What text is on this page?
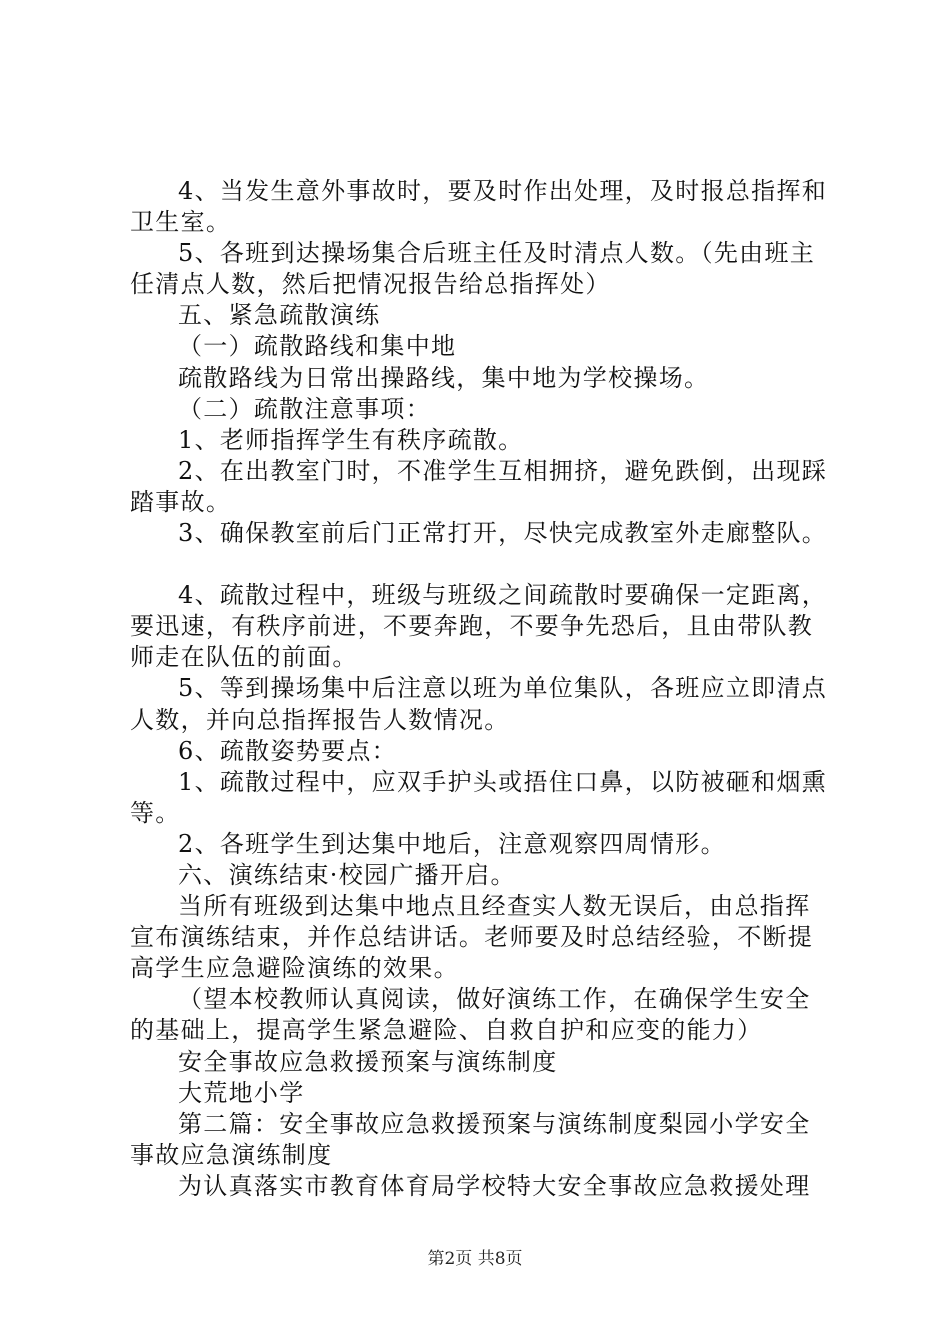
4、当发生意外事故时，要及时作出处理，及时报总指挥和
卫生室。
5、各班到达操场集合后班主任及时清点人数。（先由班主
任清点人数，然后把情况报告给总指挥处）
五、紧急疏散演练
（一）疏散路线和集中地
疏散路线为日常出操路线，集中地为学校操场。
（二）疏散注意事项：
1、老师指挥学生有秩序疏散。
2、在出教室门时，不准学生互相拥挤，避免跌倒，出现踩
踏事故。
3、确保教室前后门正常打开，尽快完成教室外走廊整队。
4、疏散过程中，班级与班级之间疏散时要确保一定距离，
要迅速，有秩序前进，不要奔跑，不要争先恐后，且由带队教
师走在队伍的前面。
5、等到操场集中后注意以班为单位集队，各班应立即清点
人数，并向总指挥报告人数情况。
6、疏散姿势要点：
1、疏散过程中，应双手护头或捂住口鼻，以防被砸和烟熏
等。
2、各班学生到达集中地后，注意观察四周情形。
六、演练结束·校园广播开启。
当所有班级到达集中地点且经查实人数无误后，由总指挥
宣布演练结束，并作总结讲话。老师要及时总结经验，不断提
高学生应急避险演练的效果。
（望本校教师认真阅读，做好演练工作，在确保学生安全
的基础上，提高学生紧急避险、自救自护和应变的能力）
安全事故应急救援预案与演练制度
大荒地小学
第二篇：安全事故应急救援预案与演练制度梨园小学安全
事故应急演练制度
为认真落实市教育体育局学校特大安全事故应急救援处理
第2页 共8页
